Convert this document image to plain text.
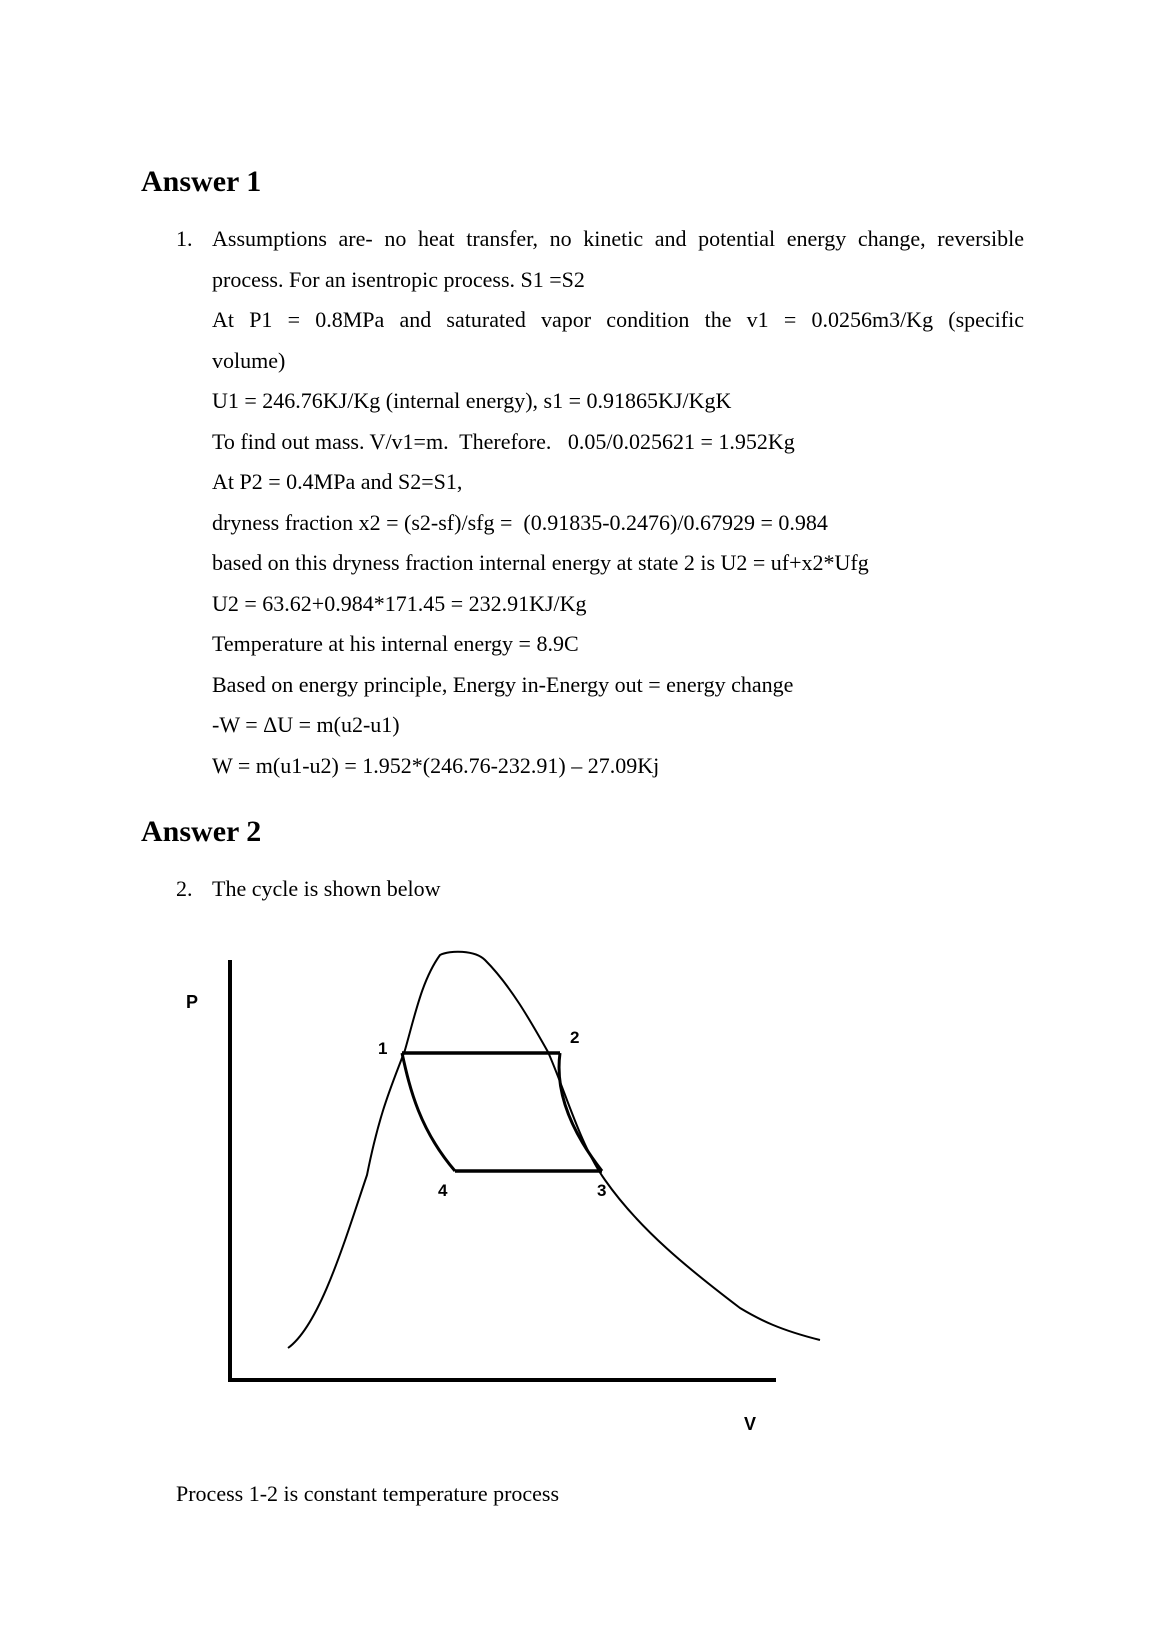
Answer 1
1. Assumptions are- no heat transfer, no kinetic and potential energy change, reversible
process. For an isentropic process. S1 =S2
At P1 = 0.8MPa and saturated vapor condition the v1 = 0.0256m3/Kg (specific
volume)
U1 = 246.76KJ/Kg (internal energy), s1 = 0.91865KJ/KgK
To find out mass. V/v1=m.  Therefore.   0.05/0.025621 = 1.952Kg
At P2 = 0.4MPa and S2=S1,
dryness fraction x2 = (s2-sf)/sfg =  (0.91835-0.2476)/0.67929 = 0.984
based on this dryness fraction internal energy at state 2 is U2 = uf+x2*Ufg
U2 = 63.62+0.984*171.45 = 232.91KJ/Kg
Temperature at his internal energy = 8.9C
Based on energy principle, Energy in-Energy out = energy change
-W = ΔU = m(u2-u1)
W = m(u1-u2) = 1.952*(246.76-232.91) – 27.09Kj
Answer 2
2. The cycle is shown below
P
V
1
2
3
4
Process 1-2 is constant temperature process
